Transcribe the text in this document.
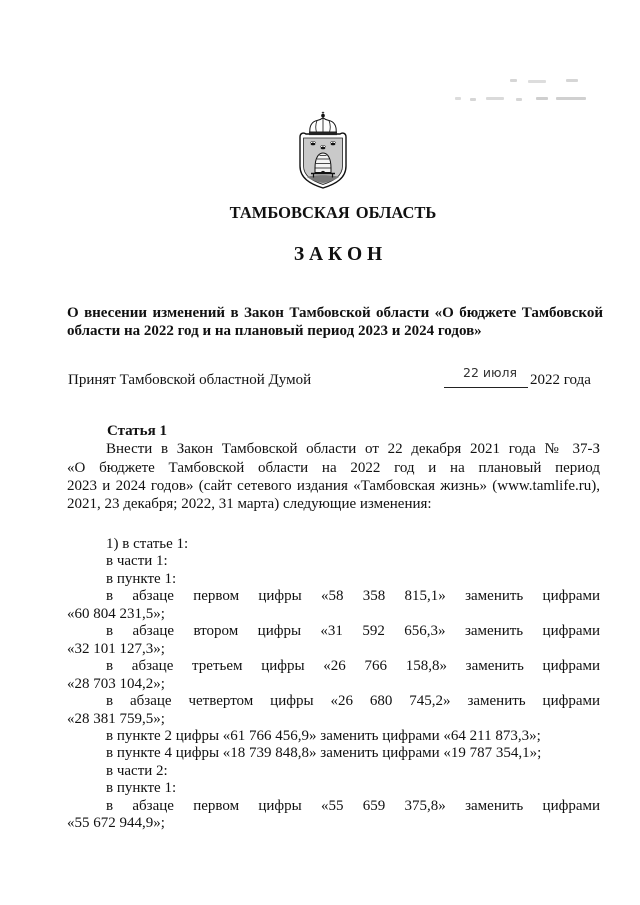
ТАМБОВСКАЯ ОБЛАСТЬ
З А К О Н
О внесении изменений в Закон Тамбовской области «О бюджете Тамбовской
области на 2022 год и на плановый период 2023 и 2024 годов»
Принят Тамбовской областной Думой	22 июля 2022 года
Статья 1
Внести в Закон Тамбовской области от 22 декабря 2021 года № 37-З
«О бюджете Тамбовской области на 2022 год и на плановый период
2023 и 2024 годов» (сайт сетевого издания «Тамбовская жизнь» (www.tamlife.ru),
2021, 23 декабря; 2022, 31 марта) следующие изменения:
1) в статье 1:
в части 1:
в пункте 1:
в абзаце первом цифры «58 358 815,1» заменить цифрами
«60 804 231,5»;
в абзаце втором цифры «31 592 656,3» заменить цифрами
«32 101 127,3»;
в абзаце третьем цифры «26 766 158,8» заменить цифрами
«28 703 104,2»;
в абзаце четвертом цифры «26 680 745,2» заменить цифрами
«28 381 759,5»;
в пункте 2 цифры «61 766 456,9» заменить цифрами «64 211 873,3»;
в пункте 4 цифры «18 739 848,8» заменить цифрами «19 787 354,1»;
в части 2:
в пункте 1:
в абзаце первом цифры «55 659 375,8» заменить цифрами
«55 672 944,9»;
